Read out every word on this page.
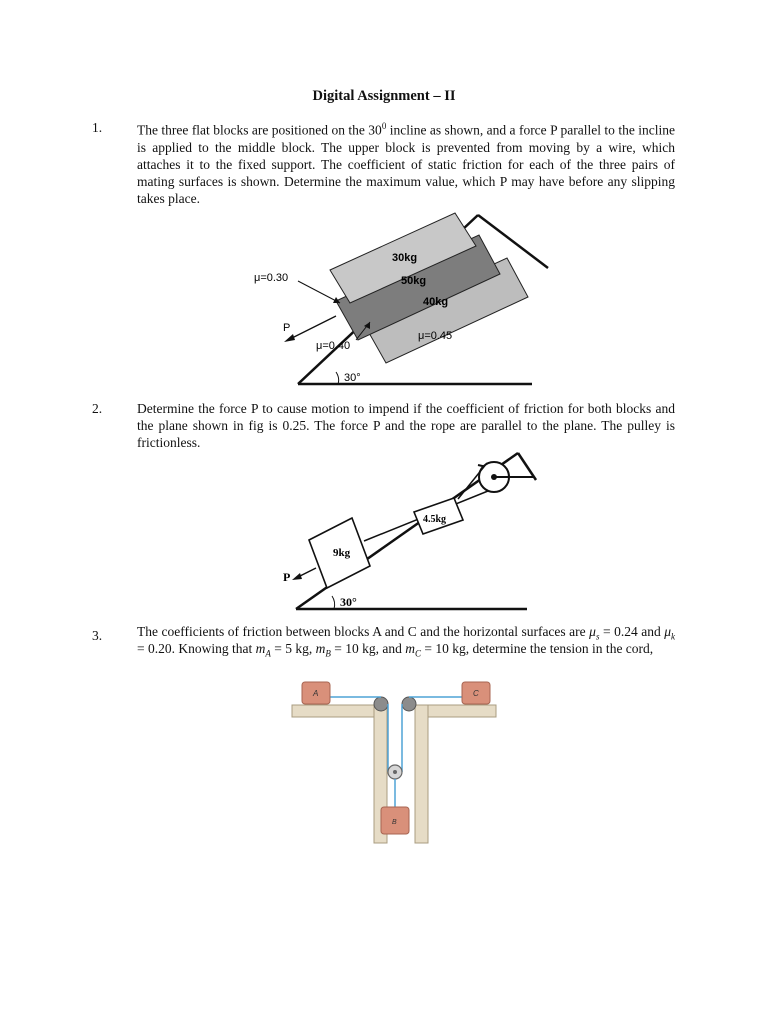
Digital Assignment – II
1.	The three flat blocks are positioned on the $30^0$ incline as shown, and a force P parallel to the incline is applied to the middle block. The upper block is prevented from moving by a wire, which attaches it to the fixed support. The coefficient of static friction for each of the three pairs of mating surfaces is shown. Determine the maximum value, which P may have before any slipping takes place.

30°
30kg
50kg
40kg
μ=0.30
μ=0.45
μ=0.40
P
2.	Determine the force P to cause motion to impend if the coefficient of friction for both blocks and the plane shown in fig is 0.25. The force P and the rope are parallel to the plane. The pulley is frictionless.
30°
4.5kg
9kg
P
3.	The coefficients of friction between blocks A and C and the horizontal surfaces are $\mu_s = 0.24$ and $\mu_k = 0.20$. Knowing that $m_A = 5$ kg, $m_B = 10$ kg, and $m_C = 10$ kg, determine the tension in the cord,

A	C
B
